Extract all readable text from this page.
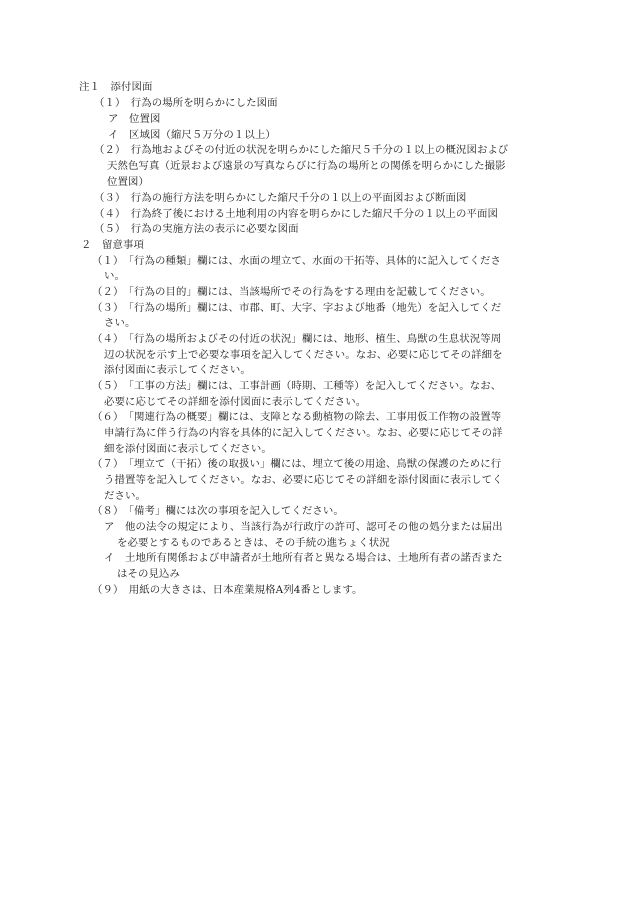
注１　添付図面
（１）　行為の場所を明らかにした図面
ア　位置図
イ　区域図（縮尺５万分の１以上）
（２）　行為地およびその付近の状況を明らかにした縮尺５千分の１以上の概況図および
天然色写真（近景および遠景の写真ならびに行為の場所との関係を明らかにした撮影
位置図）
（３）　行為の施行方法を明らかにした縮尺千分の１以上の平面図および断面図
（４）　行為終了後における土地利用の内容を明らかにした縮尺千分の１以上の平面図
（５）　行為の実施方法の表示に必要な図面
２　留意事項
（１）　「行為の種類」欄には、水面の埋立て、水面の干拓等、具体的に記入してくださ
い。
（２）　「行為の目的」欄には、当該場所でその行為をする理由を記載してください。
（３）　「行為の場所」欄には、市郡、町、大字、字および地番（地先）を記入してくだ
さい。
（４）　「行為の場所およびその付近の状況」欄には、地形、植生、鳥獣の生息状況等周
辺の状況を示す上で必要な事項を記入してください。なお、必要に応じてその詳細を
添付図面に表示してください。
（５）　「工事の方法」欄には、工事計画（時期、工種等）を記入してください。なお、
必要に応じてその詳細を添付図面に表示してください。
（６）　「関連行為の概要」欄には、支障となる動植物の除去、工事用仮工作物の設置等
申請行為に伴う行為の内容を具体的に記入してください。なお、必要に応じてその詳
細を添付図面に表示してください。
（７）　「埋立て（干拓）後の取扱い」欄には、埋立て後の用途、鳥獣の保護のために行
う措置等を記入してください。なお、必要に応じてその詳細を添付図面に表示してく
ださい。
（８）　「備考」欄には次の事項を記入してください。
ア　他の法令の規定により、当該行為が行政庁の許可、認可その他の処分または届出
を必要とするものであるときは、その手続の進ちょく状況
イ　土地所有関係および申請者が土地所有者と異なる場合は、土地所有者の諾否また
はその見込み
（９）　用紙の大きさは、日本産業規格A列4番とします。
